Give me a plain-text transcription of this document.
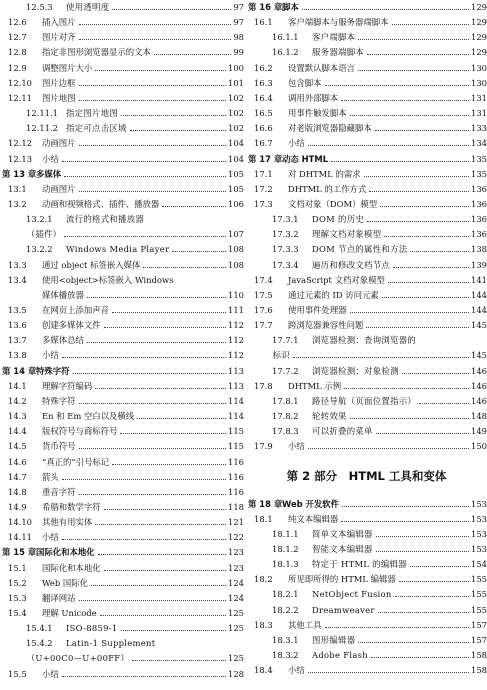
12.5.3	使用透明度	97
12.6	插入图片	97
12.7	图片对齐	98
12.8	指定非图形浏览器显示的文本	99
12.9	调整图片大小	100
12.10	图片边框	101
12.11	图片地图	102
12.11.1 指定图片地图	102
12.11.2 指定可点击区域	102
12.12	动画图片	104
12.13	小结	104
第 13 章 多媒体	105
13.1	动画图片	105
13.2	动画和视频格式、插件、播放器	106
13.2.1	流行的格式和播放器
（插件）	107
13.2.2	Windows Media Player	108
13.3	通过 object 标签嵌入媒体	108
13.4	使用<object>标签嵌入 Windows
媒体播放器	110
13.5	在网页上添加声音	111
13.6	创建多媒体文件	112
13.7	多媒体总结	112
13.8	小结	112
第 14 章 特殊字符	113
14.1	理解字符编码	113
14.2	特殊字符	114
14.3	En 和 Em 空白以及横线	114
14.4	版权符号与商标符号	115
14.5	货币符号	115
14.6	“真正的”引号标记	116
14.7	箭头	116
14.8	重音字符	116
14.9	希腊和数学字符	118
14.10	其他有用实体	121
14.11	小结	122
第 15 章 国际化和本地化	123
15.1	国际化和本地化	123
15.2	Web 国际化	124
15.3	翻译网站	124
15.4	理解 Unicode	125
15.4.1	ISO-8859-1	125
15.4.2	Latin-1 Supplement
（U+00C0—U+00FF）	125
15.5	小结	128
第 16 章 脚本	129
16.1	客户端脚本与服务器端脚本	129
16.1.1	客户端脚本	129
16.1.2	服务器端脚本	129
16.2	设置默认脚本语言	130
16.3	包含脚本	130
16.4	调用外部脚本	131
16.5	用事件触发脚本	131
16.6	对老版浏览器隐藏脚本	133
16.7	小结	134
第 17 章 动态 HTML	135
17.1	对 DHTML 的需求	135
17.2	DHTML 的工作方式	136
17.3	文档对象（DOM）模型	136
17.3.1	DOM 的历史	136
17.3.2	理解文档对象模型	136
17.3.3	DOM 节点的属性和方法	138
17.3.4	遍历和修改文档节点	139
17.4	JavaScript 文档对象模型	141
17.5	通过元素的 ID 访问元素	144
17.6	使用事件处理器	144
17.7	跨浏览器兼容性问题	145
17.7.1	浏览器检测：查询浏览器的
标识	145
17.7.2	浏览器检测：对象检测	146
17.8	DHTML 示例	146
17.8.1	路径导航（页面位置指示）	146
17.8.2	轮转效果	148
17.8.3	可以折叠的菜单	149
17.9	小结	150
第 2 部分　HTML 工具和变体
第 18 章 Web 开发软件	153
18.1	纯文本编辑器	153
18.1.1	简单文本编辑器	153
18.1.2	智能文本编辑器	153
18.1.3	特定于 HTML 的编辑器	154
18.2	所见即所得的 HTML 编辑器	155
18.2.1	NetObject Fusion	155
18.2.2	Dreamweaver	155
18.3	其他工具	157
18.3.1	图形编辑器	157
18.3.2	Adobe Flash	158
18.4	小结	158
